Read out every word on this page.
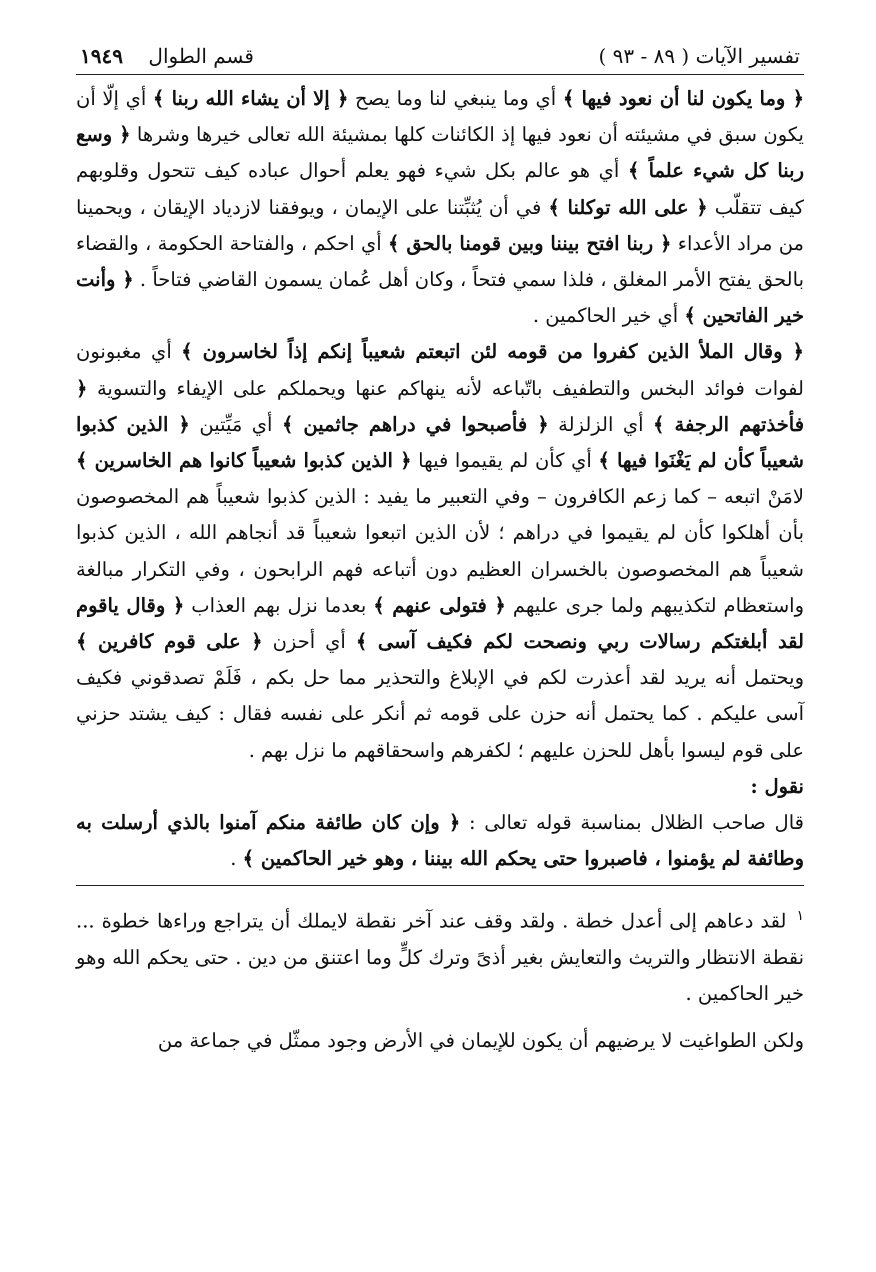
تفسير الآيات ( ٨٩ - ٩٣ )
قسم الطوال    ١٩٤٩

﴿ وما يكون لنا أن نعود فيها ﴾ أي وما ينبغي لنا وما يصح ﴿ إلا أن يشاء الله ربنا ﴾ أي إلّا أن يكون سبق في مشيئته أن نعود فيها إذ الكائنات كلها بمشيئة الله تعالى خيرها وشرها ﴿ وسع ربنا كل شيء علماً ﴾ أي هو عالم بكل شيء فهو يعلم أحوال عباده كيف تتحول وقلوبهم كيف تتقلّب ﴿ على الله توكلنا ﴾ في أن يُثبِّتنا على الإيمان ، ويوفقنا لازدياد الإيقان ، ويحمينا من مراد الأعداء ﴿ ربنا افتح بيننا وبين قومنا بالحق ﴾ أي احكم ، والفتاحة الحكومة ، والقضاء بالحق يفتح الأمر المغلق ، فلذا سمي فتحاً ، وكان أهل عُمان يسمون القاضي فتاحاً . ﴿ وأنت خير الفاتحين ﴾ أي خير الحاكمين .

﴿ وقال الملأ الذين كفروا من قومه لئن اتبعتم شعيباً إنكم إذاً لخاسرون ﴾ أي مغبونون لفوات فوائد البخس والتطفيف باتّباعه لأنه ينهاكم عنها ويحملكم على الإيفاء والتسوية ﴿ فأخذتهم الرجفة ﴾ أي الزلزلة ﴿ فأصبحوا في دراهم جاثمين ﴾ أي مَيِّتين ﴿ الذين كذبوا شعيباً كأن لم يَغْنَوا فيها ﴾ أي كأن لم يقيموا فيها ﴿ الذين كذبوا شعيباً كانوا هم الخاسرين ﴾ لامَنْ اتبعه – كما زعم الكافرون – وفي التعبير ما يفيد : الذين كذبوا شعيباً هم المخصوصون بأن أهلكوا كأن لم يقيموا في دراهم ؛ لأن الذين اتبعوا شعيباً قد أنجاهم الله ، الذين كذبوا شعيباً هم المخصوصون بالخسران العظيم دون أتباعه فهم الرابحون ، وفي التكرار مبالغة واستعظام لتكذيبهم ولما جرى عليهم ﴿ فتولى عنهم ﴾ بعدما نزل بهم العذاب ﴿ وقال ياقوم لقد أبلغتكم رسالات ربي ونصحت لكم فكيف آسى ﴾ أي أحزن ﴿ على قوم كافرين ﴾ ويحتمل أنه يريد لقد أعذرت لكم في الإبلاغ والتحذير مما حل بكم ، فَلَمْ تصدقوني فكيف آسى عليكم . كما يحتمل أنه حزن على قومه ثم أنكر على نفسه فقال : كيف يشتد حزني على قوم ليسوا بأهل للحزن عليهم ؛ لكفرهم واسحقاقهم ما نزل بهم .

نقول :

قال صاحب الظلال بمناسبة قوله تعالى : ﴿ وإن كان طائفة منكم آمنوا بالذي أرسلت به وطائفة لم يؤمنوا ، فاصبروا حتى يحكم الله بيننا ، وهو خير الحاكمين ﴾ .

$^١$لقد دعاهم إلى أعدل خطة . ولقد وقف عند آخر نقطة لايملك أن يتراجع وراءها خطوة ... نقطة الانتظار والتريث والتعايش بغير أذىً وترك كلٍّ وما اعتنق من دين . حتى يحكم الله وهو خير الحاكمين .

ولكن الطواغيت لا يرضيهم أن يكون للإيمان في الأرض وجود ممثّل في جماعة من
